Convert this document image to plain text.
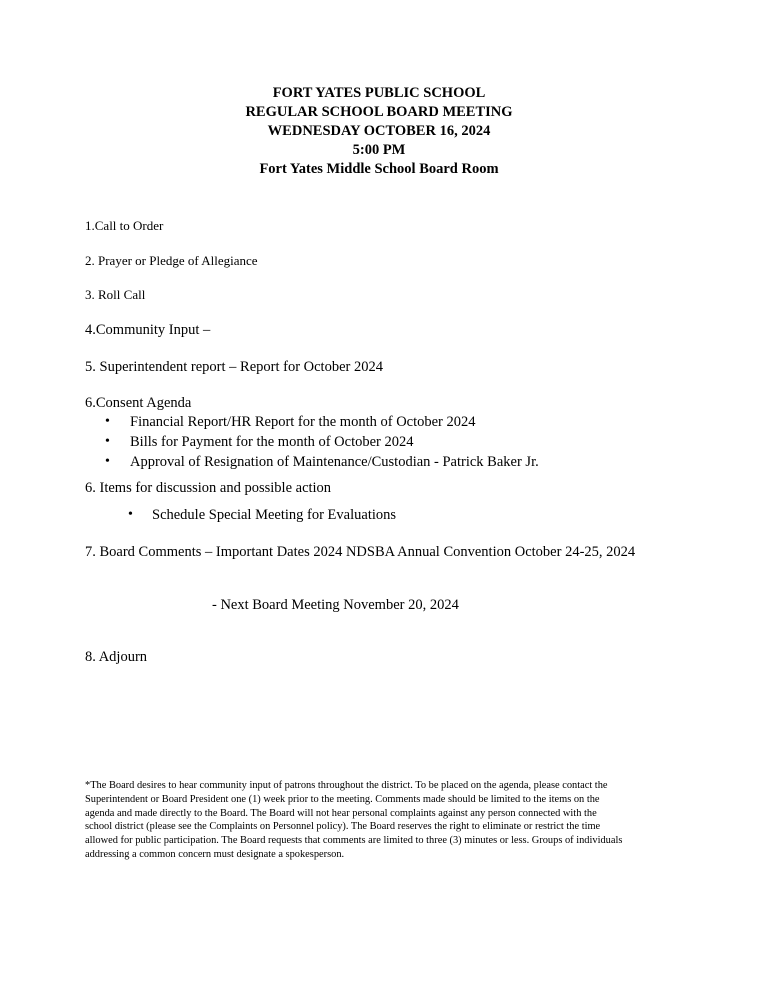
FORT YATES PUBLIC SCHOOL
REGULAR SCHOOL BOARD MEETING
WEDNESDAY OCTOBER 16, 2024
5:00 PM
Fort Yates Middle School Board Room
1.Call to Order
2. Prayer or Pledge of Allegiance
3. Roll Call
4.Community Input –
5. Superintendent report – Report for October 2024
6.Consent Agenda
• Financial Report/HR Report for the month of October 2024
• Bills for Payment for the month of October 2024
• Approval of Resignation of Maintenance/Custodian - Patrick Baker Jr.
6. Items for discussion and possible action
• Schedule Special Meeting for Evaluations
7. Board Comments – Important Dates 2024 NDSBA Annual Convention October 24-25, 2024
- Next Board Meeting November 20, 2024
8. Adjourn
*The Board desires to hear community input of patrons throughout the district. To be placed on the agenda, please contact the
Superintendent or Board President one (1) week prior to the meeting. Comments made should be limited to the items on the
agenda and made directly to the Board. The Board will not hear personal complaints against any person connected with the
school district (please see the Complaints on Personnel policy). The Board reserves the right to eliminate or restrict the time
allowed for public participation. The Board requests that comments are limited to three (3) minutes or less. Groups of individuals
addressing a common concern must designate a spokesperson.
